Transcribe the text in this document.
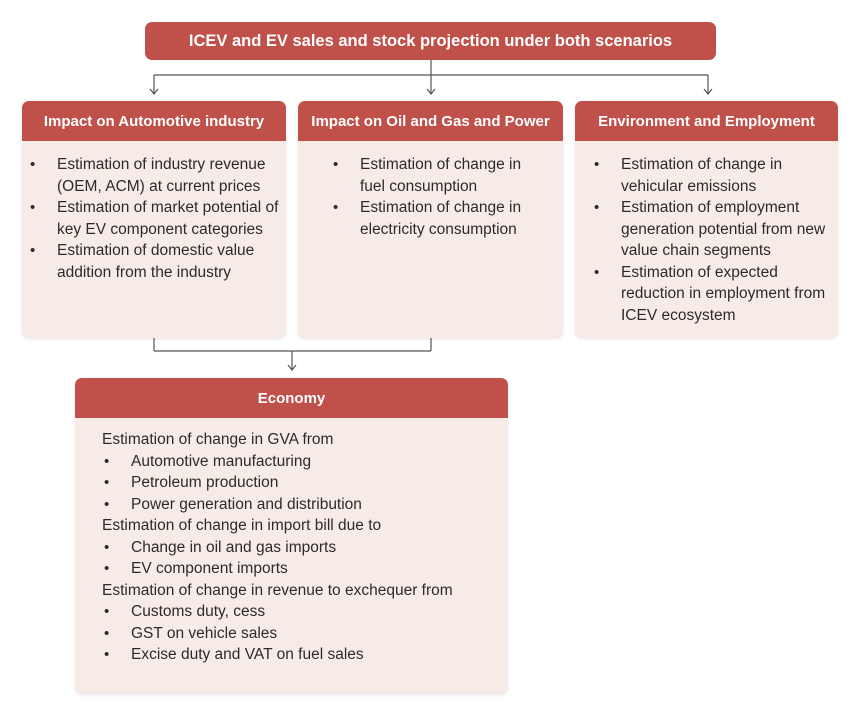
ICEV and EV sales and stock projection under both scenarios
Impact on Automotive industry
• Estimation of industry revenue (OEM, ACM) at current prices
• Estimation of market potential of key EV component categories
• Estimation of domestic value addition from the industry
Impact on Oil and Gas and Power
• Estimation of change in fuel consumption
• Estimation of change in electricity consumption
Environment and Employment
• Estimation of change in vehicular emissions
• Estimation of employment generation potential from new value chain segments
• Estimation of expected reduction in employment from ICEV ecosystem
Economy

Estimation of change in GVA from

• Automotive manufacturing
• Petroleum production
• Power generation and distribution

Estimation of change in import bill due to

• Change in oil and gas imports
• EV component imports

Estimation of change in revenue to exchequer from

• Customs duty, cess
• GST on vehicle sales
• Excise duty and VAT on fuel sales
